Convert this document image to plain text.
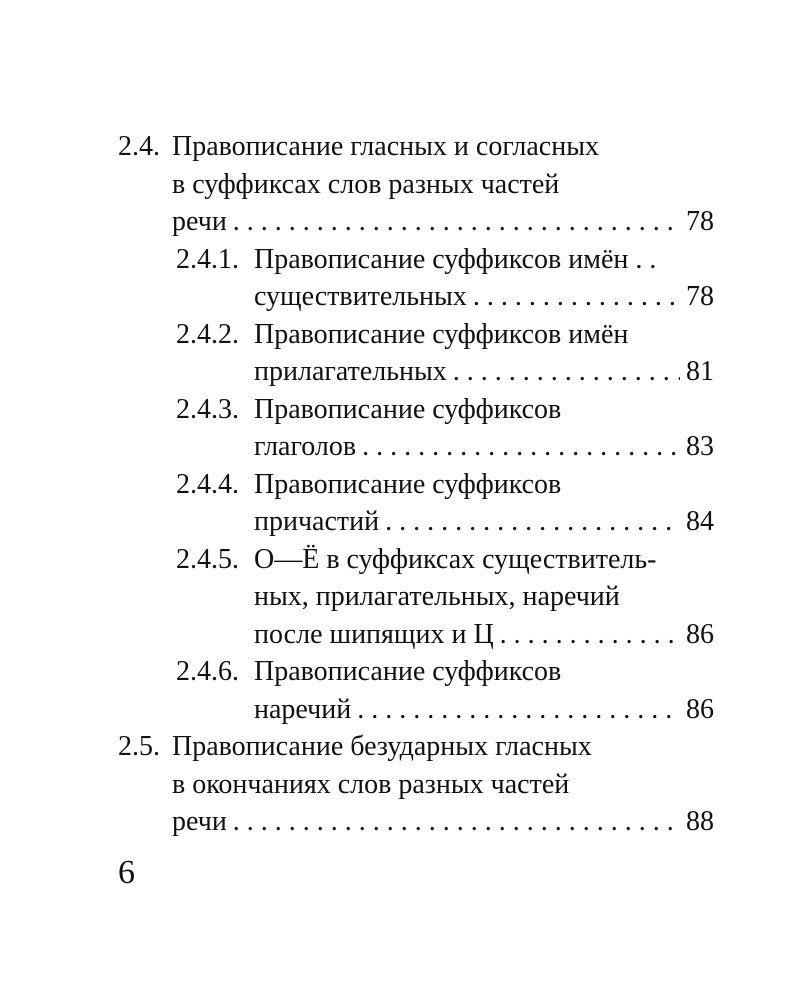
2.4. Правописание гласных и согласных
в суффиксах слов разных частей
речи . . .	78
2.4.1. Правописание суффиксов имён . .
существительных . . .	78
2.4.2. Правописание суффиксов имён
прилагательных . . .	81
2.4.3. Правописание суффиксов
глаголов . . .	83
2.4.4. Правописание суффиксов
причастий . . .	84
2.4.5. О—Ё в суффиксах существитель-
ных, прилагательных, наречий
после шипящих и Ц . . .	86
2.4.6. Правописание суффиксов
наречий . . .	86
2.5. Правописание безударных гласных
в окончаниях слов разных частей
речи . . .	88
6
